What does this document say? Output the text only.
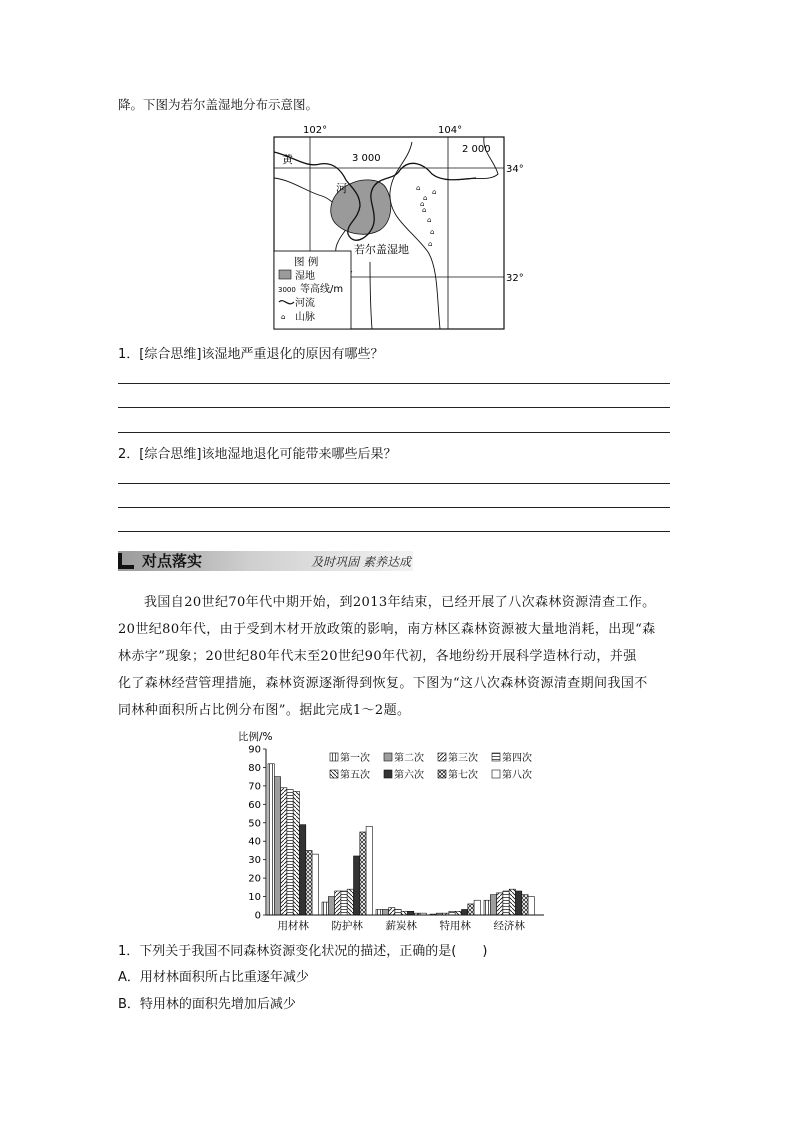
降。下图为若尔盖湿地分布示意图。
102°	104°
34°
32°
3 000
2 000
⌂
⌂
⌂
⌂
⌂
⌂
⌂
⌂
黄
河
若尔盖湿地
图 例
湿地
3000 等高线/m
河流
⌂ 山脉
1．[综合思维]该湿地严重退化的原因有哪些？
2．[综合思维]该地湿地退化可能带来哪些后果？
对点落实	及时巩固 素养达成
我国自20世纪70年代中期开始，到2013年结束，已经开展了八次森林资源清查工作。
20世纪80年代，由于受到木材开放政策的影响，南方林区森林资源被大量地消耗，出现“森
林赤字”现象；20世纪80年代末至20世纪90年代初，各地纷纷开展科学造林行动，并强
化了森林经营管理措施，森林资源逐渐得到恢复。下图为“这八次森林资源清查期间我国不
同林种面积所占比例分布图”。据此完成1～2题。
比例/%
0
10
20
30
40
50
60
70
80
90
用材林 防护林 薪炭林 特用林 经济林
第一次 第二次 第三次 第四次
第五次 第六次 第七次 第八次
1．下列关于我国不同森林资源变化状况的描述，正确的是(　　)
A．用材林面积所占比重逐年减少
B．特用林的面积先增加后减少
